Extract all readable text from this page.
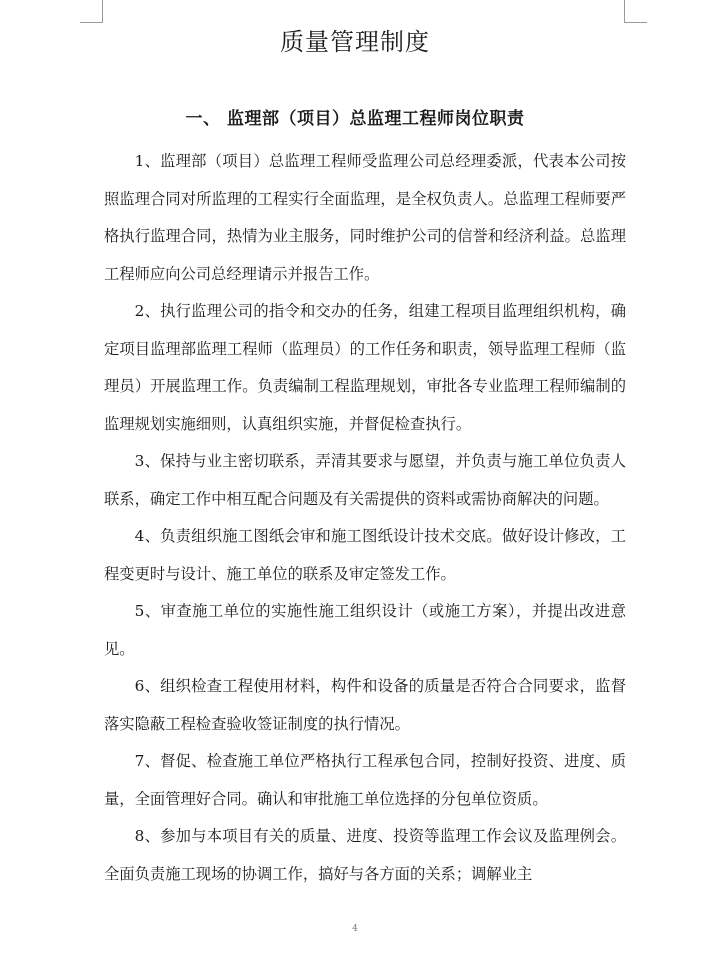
质量管理制度
一、 监理部（项目）总监理工程师岗位职责

1、监理部（项目）总监理工程师受监理公司总经理委派，代表本公司按照监理合同对所监理的工程实行全面监理，是全权负责人。总监理工程师要严格执行监理合同，热情为业主服务，同时维护公司的信誉和经济利益。总监理工程师应向公司总经理请示并报告工作。

2、执行监理公司的指令和交办的任务，组建工程项目监理组织机构，确定项目监理部监理工程师（监理员）的工作任务和职责，领导监理工程师（监理员）开展监理工作。负责编制工程监理规划，审批各专业监理工程师编制的监理规划实施细则，认真组织实施，并督促检查执行。

3、保持与业主密切联系，弄清其要求与愿望，并负责与施工单位负责人联系，确定工作中相互配合问题及有关需提供的资料或需协商解决的问题。

4、负责组织施工图纸会审和施工图纸设计技术交底。做好设计修改，工程变更时与设计、施工单位的联系及审定签发工作。

5、审查施工单位的实施性施工组织设计（或施工方案），并提出改进意见。

6、组织检查工程使用材料，构件和设备的质量是否符合合同要求，监督落实隐蔽工程检查验收签证制度的执行情况。

7、督促、检查施工单位严格执行工程承包合同，控制好投资、进度、质量，全面管理好合同。确认和审批施工单位选择的分包单位资质。

8、参加与本项目有关的质量、进度、投资等监理工作会议及监理例会。全面负责施工现场的协调工作，搞好与各方面的关系；调解业主

4
